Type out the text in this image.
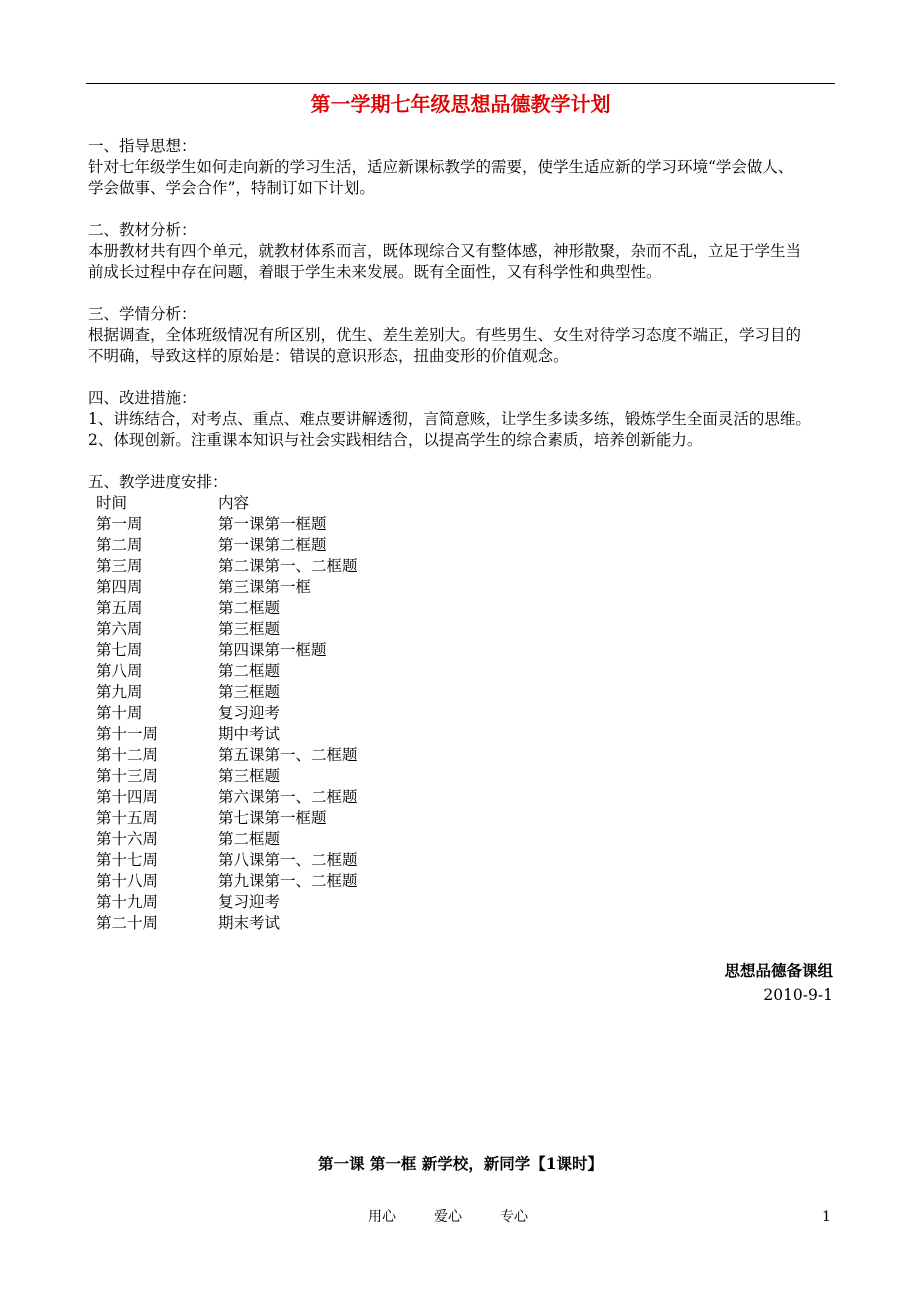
第一学期七年级思想品德教学计划
一、指导思想：
针对七年级学生如何走向新的学习生活，适应新课标教学的需要，使学生适应新的学习环境“学会做人、
学会做事、学会合作”，特制订如下计划。
二、教材分析：
本册教材共有四个单元，就教材体系而言，既体现综合又有整体感，神形散聚，杂而不乱，立足于学生当
前成长过程中存在问题，着眼于学生未来发展。既有全面性，又有科学性和典型性。
三、学情分析：
根据调查，全体班级情况有所区别，优生、差生差别大。有些男生、女生对待学习态度不端正，学习目的
不明确，导致这样的原始是：错误的意识形态，扭曲变形的价值观念。
四、改进措施：
1、讲练结合，对考点、重点、难点要讲解透彻，言简意赅，让学生多读多练，锻炼学生全面灵活的思维。
2、体现创新。注重课本知识与社会实践相结合，以提高学生的综合素质，培养创新能力。
五、教学进度安排：
时间	内容
第一周	第一课第一框题
第二周	第一课第二框题
第三周	第二课第一、二框题
第四周	第三课第一框
第五周	第二框题
第六周	第三框题
第七周	第四课第一框题
第八周	第二框题
第九周	第三框题
第十周	复习迎考
第十一周	期中考试
第十二周	第五课第一、二框题
第十三周	第三框题
第十四周	第六课第一、二框题
第十五周	第七课第一框题
第十六周	第二框题
第十七周	第八课第一、二框题
第十八周	第九课第一、二框题
第十九周	复习迎考
第二十周	期末考试
思想品德备课组
2010-9-1
第一课 第一框 新学校，新同学【1课时】
用心	爱心	专心	1
